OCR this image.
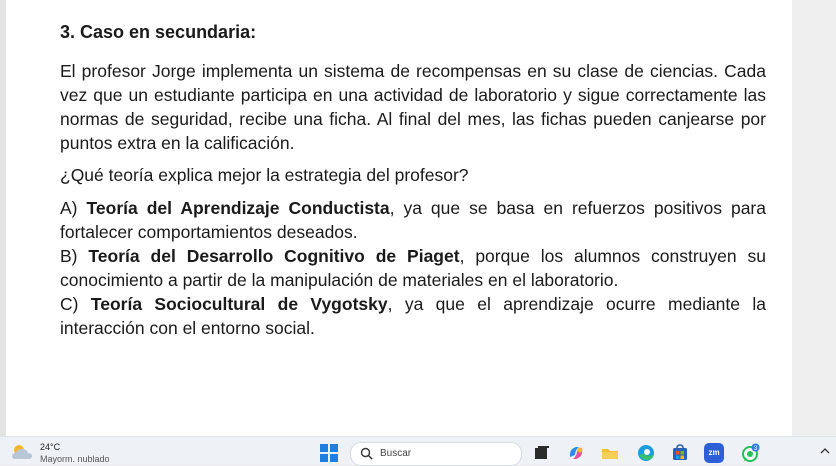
3. Caso en secundaria:
El profesor Jorge implementa un sistema de recompensas en su clase de ciencias. Cada vez que un estudiante participa en una actividad de laboratorio y sigue correctamente las normas de seguridad, recibe una ficha. Al final del mes, las fichas pueden canjearse por puntos extra en la calificación.
¿Qué teoría explica mejor la estrategia del profesor?
A) Teoría del Aprendizaje Conductista, ya que se basa en refuerzos positivos para fortalecer comportamientos deseados.
B) Teoría del Desarrollo Cognitivo de Piaget, porque los alumnos construyen su conocimiento a partir de la manipulación de materiales en el laboratorio.
C) Teoría Sociocultural de Vygotsky, ya que el aprendizaje ocurre mediante la interacción con el entorno social.
24°C
Mayorm. nublado	Buscar	zm	3
